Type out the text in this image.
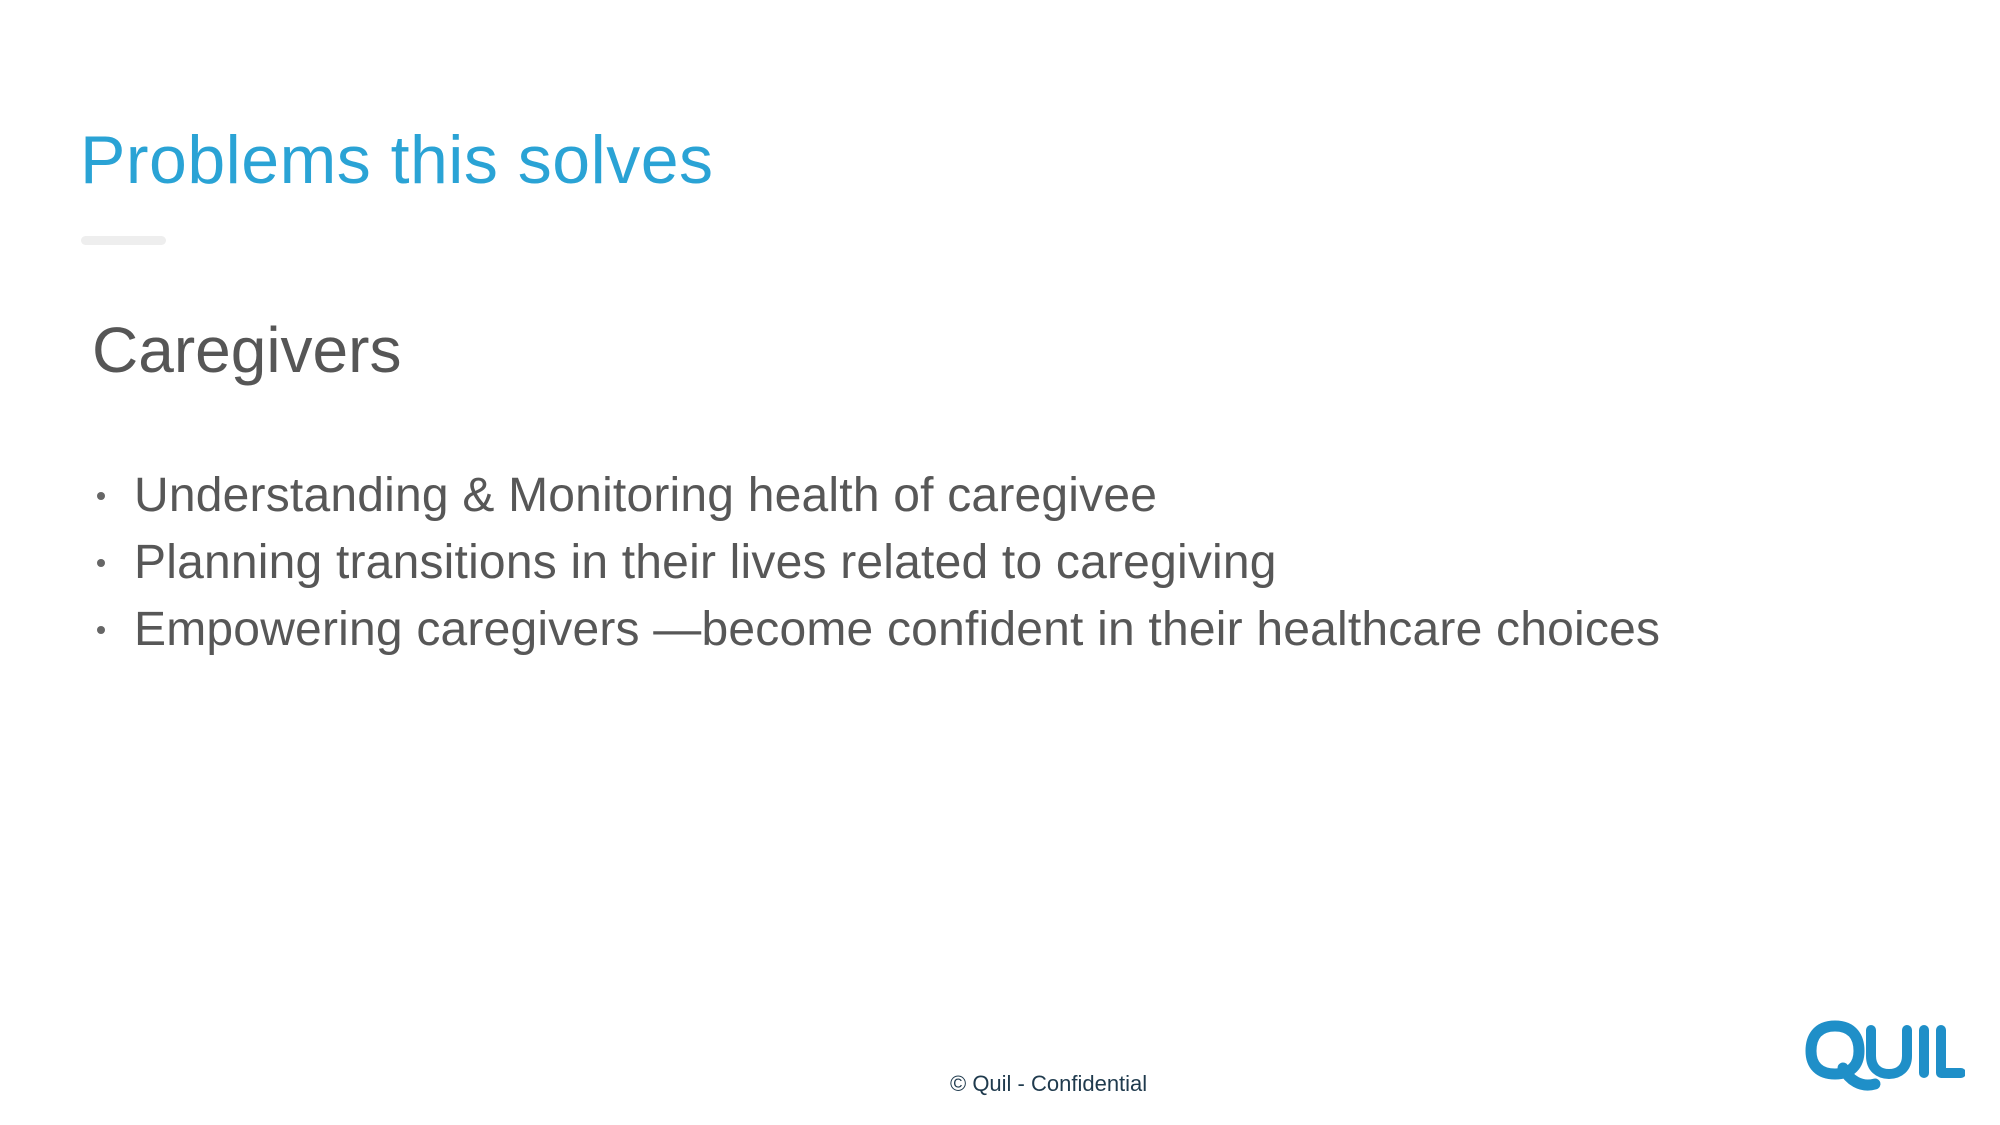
Problems this solves
Caregivers
Understanding & Monitoring health of caregivee
Planning transitions in their lives related to caregiving
Empowering caregivers —become confident in their healthcare choices
© Quil - Confidential
